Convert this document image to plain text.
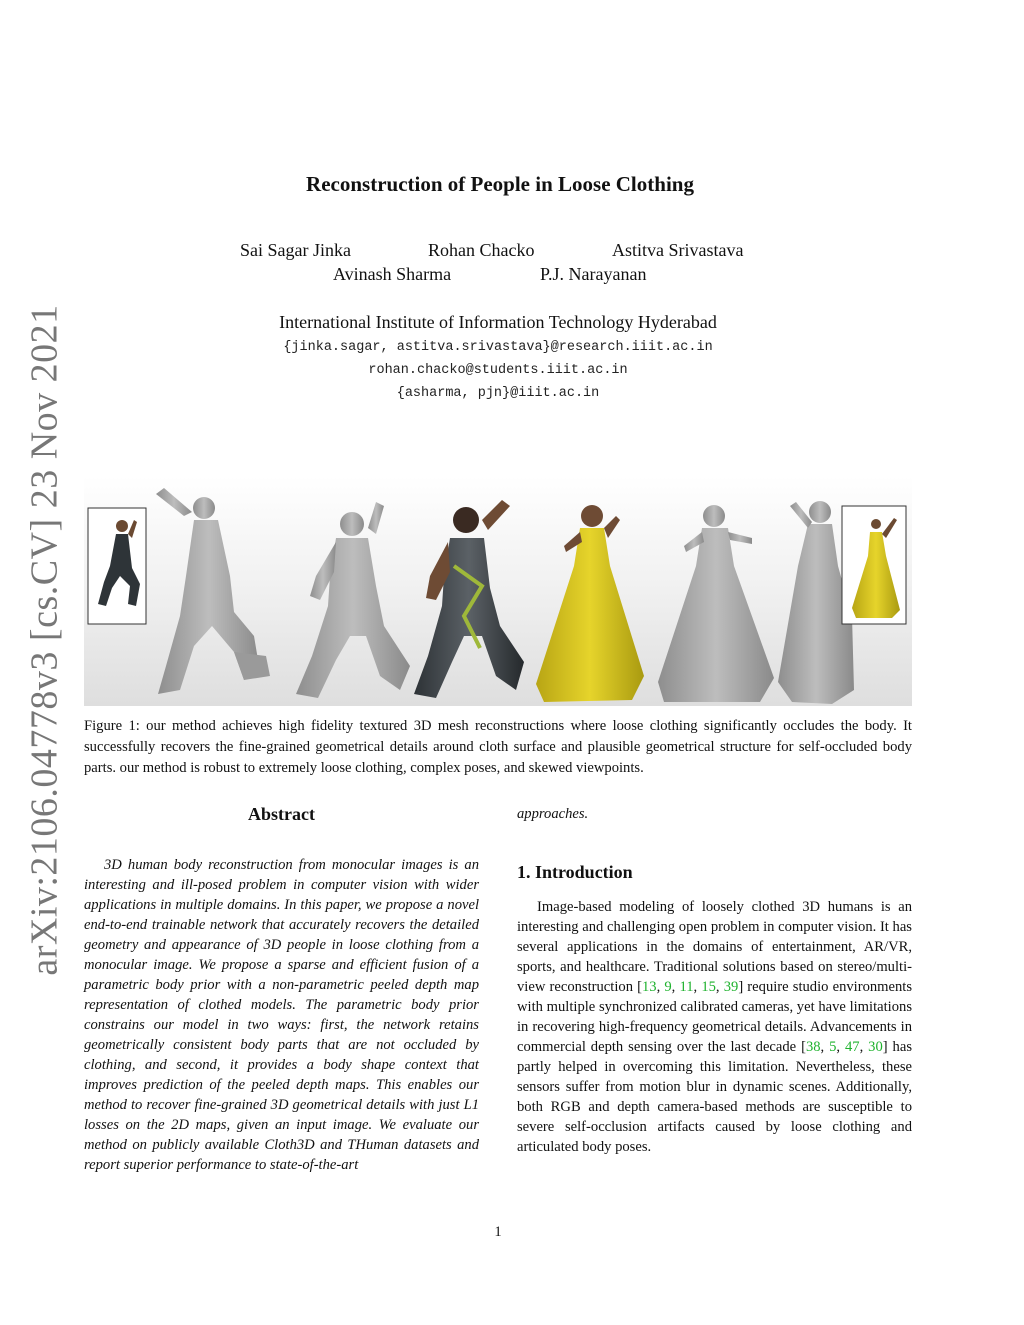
arXiv:2106.04778v3 [cs.CV] 23 Nov 2021
Reconstruction of People in Loose Clothing
Sai Sagar Jinka	Rohan Chacko	Astitva Srivastava
Avinash Sharma	P.J. Narayanan
International Institute of Information Technology Hyderabad
{jinka.sagar, astitva.srivastava}@research.iiit.ac.in
rohan.chacko@students.iiit.ac.in
{asharma, pjn}@iiit.ac.in
Figure 1: our method achieves high fidelity textured 3D mesh reconstructions where loose clothing significantly occludes the body. It successfully recovers the fine-grained geometrical details around cloth surface and plausible geometrical structure for self-occluded body parts. our method is robust to extremely loose clothing, complex poses, and skewed viewpoints.
Abstract

3D human body reconstruction from monocular images is an interesting and ill-posed problem in computer vision with wider applications in multiple domains. In this paper, we propose a novel end-to-end trainable network that accurately recovers the detailed geometry and appearance of 3D people in loose clothing from a monocular image. We propose a sparse and efficient fusion of a parametric body prior with a non-parametric peeled depth map representation of clothed models. The parametric body prior constrains our model in two ways: first, the network retains geometrically consistent body parts that are not occluded by clothing, and second, it provides a body shape context that improves prediction of the peeled depth maps. This enables our method to recover fine-grained 3D geometrical details with just L1 losses on the 2D maps, given an input image. We evaluate our method on publicly available Cloth3D and THuman datasets and report superior performance to state-of-the-art

approaches.
1. Introduction

Image-based modeling of loosely clothed 3D humans is an interesting and challenging open problem in computer vision. It has several applications in the domains of entertainment, AR/VR, sports, and healthcare. Traditional solutions based on stereo/multi-view reconstruction [13, 9, 11, 15, 39] require studio environments with multiple synchronized calibrated cameras, yet have limitations in recovering high-frequency geometrical details. Advancements in commercial depth sensing over the last decade [38, 5, 47, 30] has partly helped in overcoming this limitation. Nevertheless, these sensors suffer from motion blur in dynamic scenes. Additionally, both RGB and depth camera-based methods are susceptible to severe self-occlusion artifacts caused by loose clothing and articulated body poses.

1
